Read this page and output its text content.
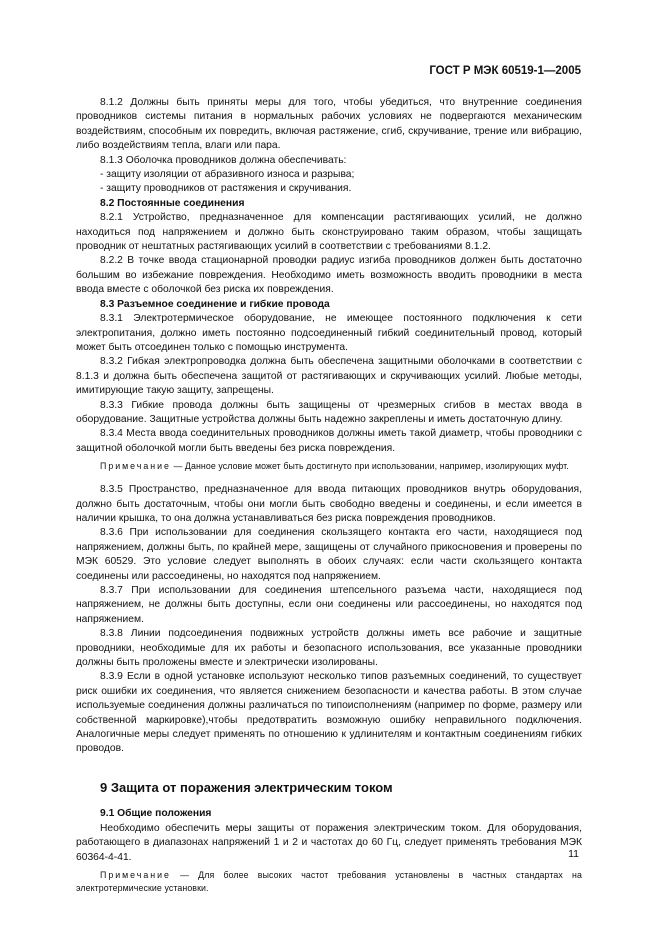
ГОСТ Р МЭК 60519-1—2005

8.1.2 Должны быть приняты меры для того, чтобы убедиться, что внутренние соединения проводников системы питания в нормальных рабочих условиях не подвергаются механическим воздействиям, способным их повредить, включая растяжение, сгиб, скручивание, трение или вибрацию, либо воздействиям тепла, влаги или пара.

8.1.3 Оболочка проводников должна обеспечивать:

- защиту изоляции от абразивного износа и разрыва;

- защиту проводников от растяжения и скручивания.

8.2 Постоянные соединения

8.2.1 Устройство, предназначенное для компенсации растягивающих усилий, не должно находиться под напряжением и должно быть сконструировано таким образом, чтобы защищать проводник от нештатных растягивающих усилий в соответствии с требованиями 8.1.2.

8.2.2 В точке ввода стационарной проводки радиус изгиба проводников должен быть достаточно большим во избежание повреждения. Необходимо иметь возможность вводить проводники в места ввода вместе с оболочкой без риска их повреждения.

8.3 Разъемное соединение и гибкие провода

8.3.1 Электротермическое оборудование, не имеющее постоянного подключения к сети электропитания, должно иметь постоянно подсоединенный гибкий соединительный провод, который может быть отсоединен только с помощью инструмента.

8.3.2 Гибкая электропроводка должна быть обеспечена защитными оболочками в соответствии с 8.1.3 и должна быть обеспечена защитой от растягивающих и скручивающих усилий. Любые методы, имитирующие такую защиту, запрещены.

8.3.3 Гибкие провода должны быть защищены от чрезмерных сгибов в местах ввода в оборудование. Защитные устройства должны быть надежно закреплены и иметь достаточную длину.

8.3.4 Места ввода соединительных проводников должны иметь такой диаметр, чтобы проводники с защитной оболочкой могли быть введены без риска повреждения.

Примечание — Данное условие может быть достигнуто при использовании, например, изолирующих муфт.

8.3.5 Пространство, предназначенное для ввода питающих проводников внутрь оборудования, должно быть достаточным, чтобы они могли быть свободно введены и соединены, и если имеется в наличии крышка, то она должна устанавливаться без риска повреждения проводников.

8.3.6 При использовании для соединения скользящего контакта его части, находящиеся под напряжением, должны быть, по крайней мере, защищены от случайного прикосновения и проверены по МЭК 60529. Это условие следует выполнять в обоих случаях: если части скользящего контакта соединены или рассоединены, но находятся под напряжением.

8.3.7 При использовании для соединения штепсельного разъема части, находящиеся под напряжением, не должны быть доступны, если они соединены или рассоединены, но находятся под напряжением.

8.3.8 Линии подсоединения подвижных устройств должны иметь все рабочие и защитные проводники, необходимые для их работы и безопасного использования, все указанные проводники должны быть проложены вместе и электрически изолированы.

8.3.9 Если в одной установке используют несколько типов разъемных соединений, то существует риск ошибки их соединения, что является снижением безопасности и качества работы. В этом случае используемые соединения должны различаться по типоисполнениям (например по форме, размеру или собственной маркировке),чтобы предотвратить возможную ошибку неправильного подключения. Аналогичные меры следует применять по отношению к удлинителям и контактным соединениям гибких проводов.

9 Защита от поражения электрическим током

9.1 Общие положения

Необходимо обеспечить меры защиты от поражения электрическим током. Для оборудования, работающего в диапазонах напряжений 1 и 2 и частотах до 60 Гц, следует применять требования МЭК 60364-4-41.

Примечание — Для более высоких частот требования установлены в частных стандартах на электротермические установки.

11
